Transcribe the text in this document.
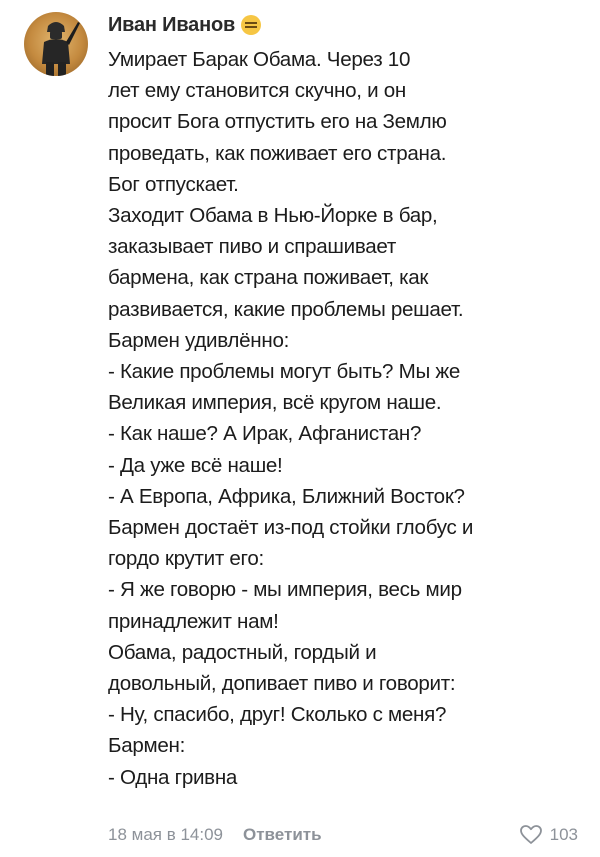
Иван Иванов
Умирает Барак Обама. Через 10
лет ему становится скучно, и он
просит Бога отпустить его на Землю
проведать, как поживает его страна.
Бог отпускает.
Заходит Обама в Нью-Йорке в бар,
заказывает пиво и спрашивает
бармена, как страна поживает, как
развивается, какие проблемы решает.
Бармен удивлённо:
- Какие проблемы могут быть? Мы же
Великая империя, всё кругом наше.
- Как наше? А Ирак, Афганистан?
- Да уже всё наше!
- А Европа, Африка, Ближний Восток?
Бармен достаёт из-под стойки глобус и
гордо крутит его:
- Я же говорю - мы империя, весь мир
принадлежит нам!
Обама, радостный, гордый и
довольный, допивает пиво и говорит:
- Ну, спасибо, друг! Сколько с меня?
Бармен:
- Одна гривна
18 мая в 14:09 Ответить	103
